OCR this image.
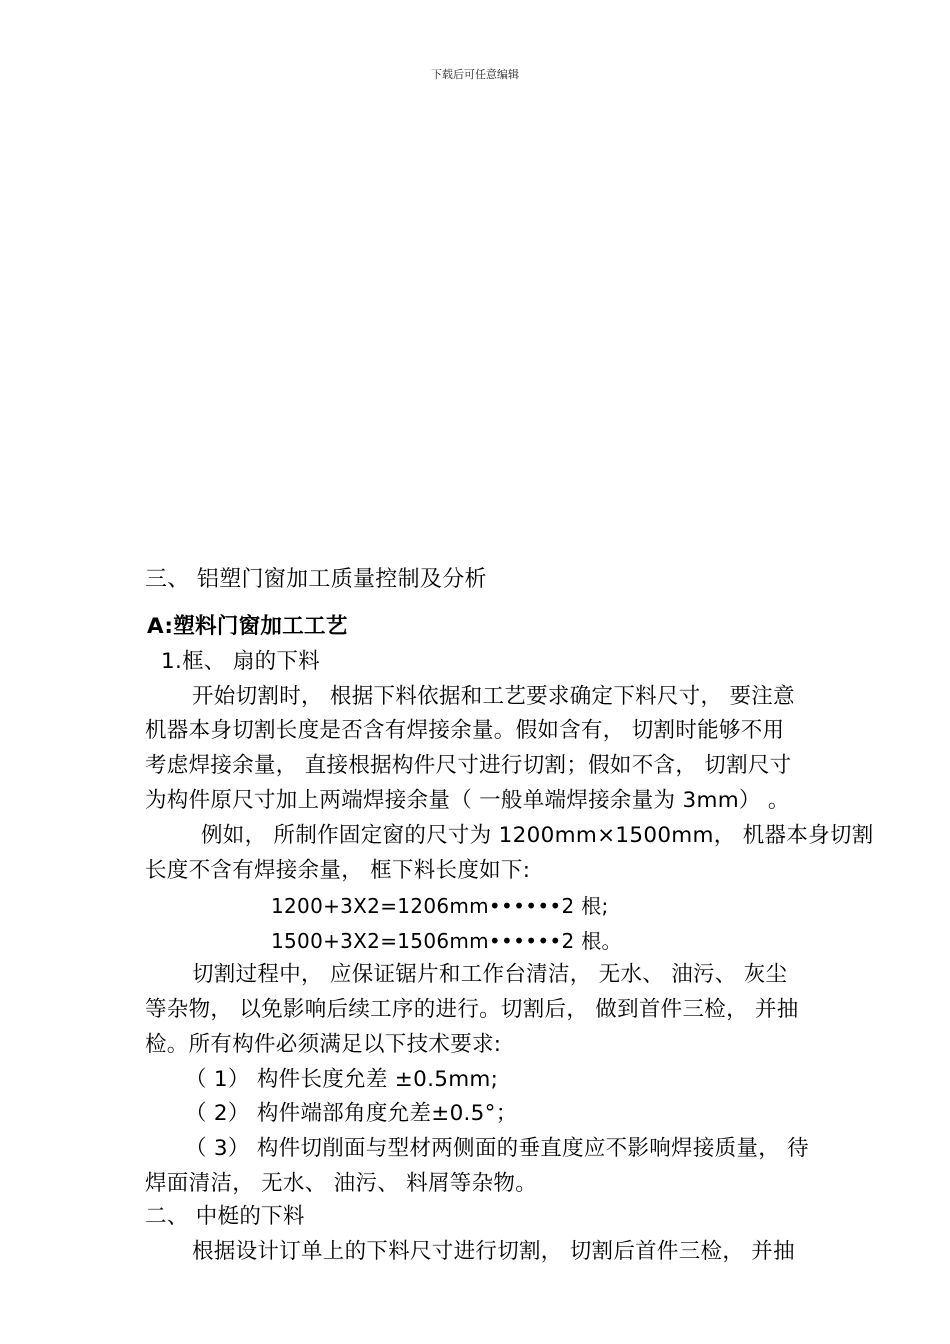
下载后可任意编辑
三、 铝塑门窗加工质量控制及分析
A:塑料门窗加工工艺
1.框、 扇的下料
开始切割时， 根据下料依据和工艺要求确定下料尺寸， 要注意
机器本身切割长度是否含有焊接余量。假如含有， 切割时能够不用
考虑焊接余量， 直接根据构件尺寸进行切割；假如不含， 切割尺寸
为构件原尺寸加上两端焊接余量（ 一般单端焊接余量为 3mm） 。
例如， 所制作固定窗的尺寸为 1200mm×1500mm， 机器本身切割
长度不含有焊接余量， 框下料长度如下:
1200+3X2=1206mm••••••2 根;
1500+3X2=1506mm••••••2 根。
切割过程中， 应保证锯片和工作台清洁， 无水、 油污、 灰尘
等杂物， 以免影响后续工序的进行。切割后， 做到首件三检， 并抽
检。所有构件必须满足以下技术要求:
（ 1） 构件长度允差 ±0.5mm;
（ 2） 构件端部角度允差±0.5°；
（ 3） 构件切削面与型材两侧面的垂直度应不影响焊接质量， 待
焊面清洁， 无水、 油污、 料屑等杂物。
二、 中梃的下料
根据设计订单上的下料尺寸进行切割， 切割后首件三检， 并抽
